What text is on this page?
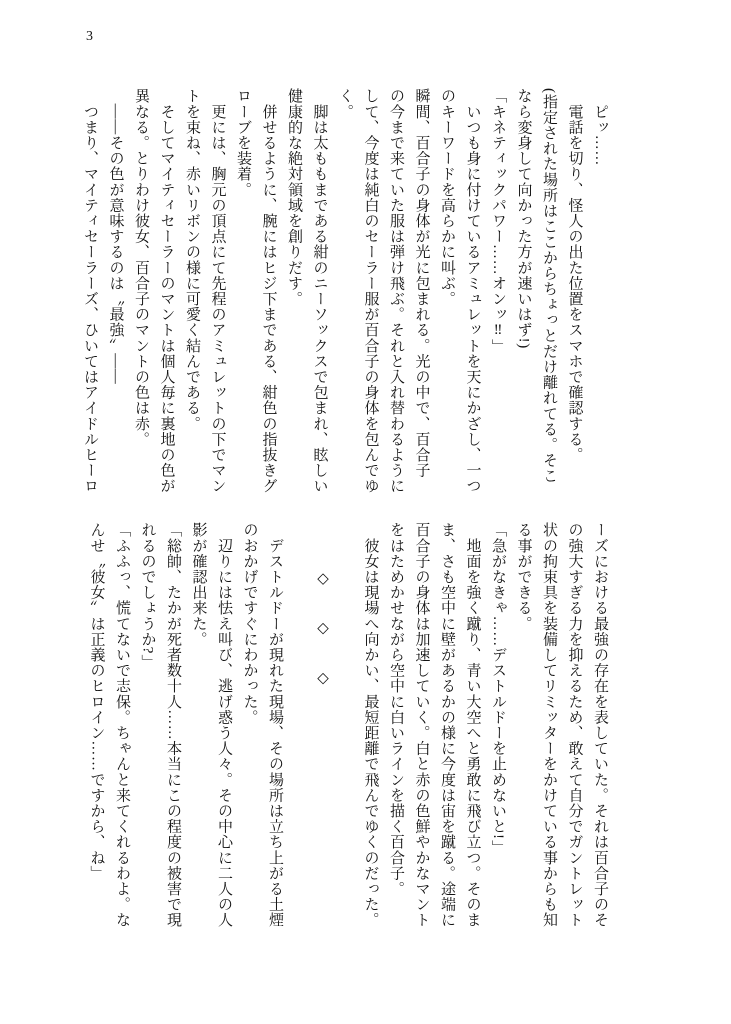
3

　ピッ……

　電話を切り、怪人の出た位置をスマホで確認する。

(指定された場所はここからちょっとだけ離れてる。そこ

なら変身して向かった方が速いはず!)

「キネティックパワー……オンッ‼」

　いつも身に付けているアミュレットを天にかざし、一つ

のキーワードを高らかに叫ぶ。

瞬間、百合子の身体が光に包まれる。光の中で、百合子

の今まで来ていた服は弾け飛ぶ。それと入れ替わるように

して、今度は純白のセーラー服が百合子の身体を包んでゆ

く。

　脚は太ももまである紺のニーソックスで包まれ、眩しい

健康的な絶対領域を創りだす。

　併せるように、腕にはヒジ下まである、紺色の指抜きグ

ローブを装着。

　更には、胸元の頂点にて先程のアミュレットの下でマン

トを束ね、赤いリボンの様に可愛く結んである。

　そしてマイティセーラーのマントは個人毎に裏地の色が

異なる。とりわけ彼女、百合子のマントの色は赤。

　――その色が意味するのは〝最強〟――

　つまり、マイティセーラーズ、ひいてはアイドルヒーロ

ーズにおける最強の存在を表していた。それは百合子のそ

の強大すぎる力を抑えるため、敢えて自分でガントレット

状の拘束具を装備してリミッターをかけている事からも知

る事ができる。

「急がなきゃ……デストルドーを止めないと!」

　地面を強く蹴り、青い大空へと勇敢に飛び立つ。そのま

ま、さも空中に壁があるかの様に今度は宙を蹴る。途端に

百合子の身体は加速していく。白と赤の色鮮やかなマント

をはためかせながら空中に白いラインを描く百合子。

　彼女は現場へ向かい、最短距離で飛んでゆくのだった。

　　　◇　　◇　　◇

　デストルドーが現れた現場、その場所は立ち上がる土煙

のおかげですぐにわかった。

　辺りには怯え叫び、逃げ惑う人々。その中心に二人の人

影が確認出来た。

「総帥、たかが死者数十人……本当にこの程度の被害で現

れるのでしょうか?」

「ふふっ、慌てないで志保。ちゃんと来てくれるわよ。な

んせ〝彼女〟は正義のヒロイン……ですから、ね」
